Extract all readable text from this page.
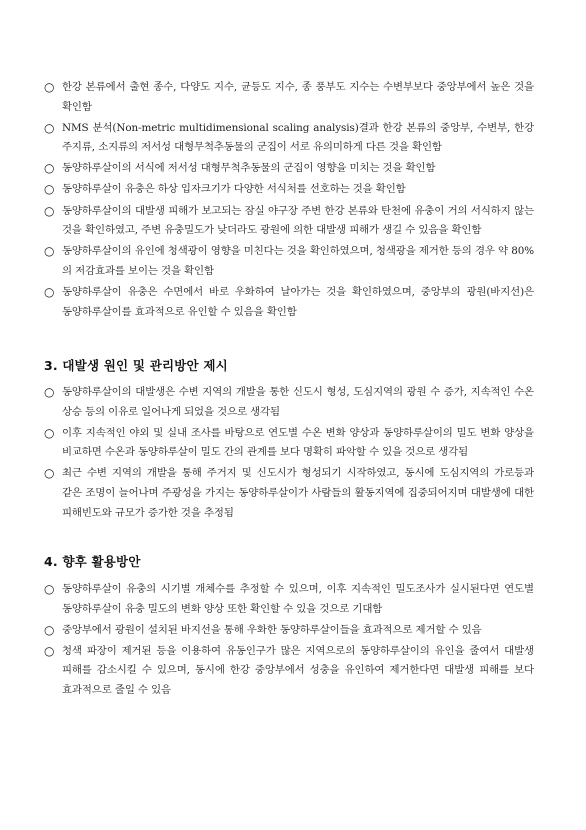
○ 한강 본류에서 출현 종수, 다양도 지수, 균등도 지수, 종 풍부도 지수는 수변부보다 중앙부에서 높은 것을 확인함

○ NMS 분석(Non-metric multidimensional scaling analysis)결과 한강 본류의 중앙부, 수변부, 한강 주지류, 소지류의 저서성 대형무척추동물의 군집이 서로 유의미하게 다른 것을 확인함

○ 동양하루살이의 서식에 저서성 대형무척추동물의 군집이 영향을 미치는 것을 확인함

○ 동양하루살이 유충은 하상 입자크기가 다양한 서식처를 선호하는 것을 확인함

○ 동양하루살이의 대발생 피해가 보고되는 잠실 야구장 주변 한강 본류와 탄천에 유충이 거의 서식하지 않는 것을 확인하였고, 주변 유충밀도가 낮더라도 광원에 의한 대발생 피해가 생길 수 있음을 확인함

○ 동양하루살이의 유인에 청색광이 영향을 미친다는 것을 확인하였으며, 청색광을 제거한 등의 경우 약 80%의 저감효과를 보이는 것을 확인함

○ 동양하루살이 유충은 수면에서 바로 우화하여 날아가는 것을 확인하였으며, 중앙부의 광원(바지선)은 동양하루살이를 효과적으로 유인할 수 있음을 확인함

3. 대발생 원인 및 관리방안 제시

○ 동양하루살이의 대발생은 수변 지역의 개발을 통한 신도시 형성, 도심지역의 광원 수 증가, 지속적인 수온 상승 등의 이유로 일어나게 되었을 것으로 생각됨

○ 이후 지속적인 야외 및 실내 조사를 바탕으로 연도별 수온 변화 양상과 동양하루살이의 밀도 변화 양상을 비교하면 수온과 동양하루살이 밀도 간의 관계를 보다 명확히 파악할 수 있을 것으로 생각됨

○ 최근 수변 지역의 개발을 통해 주거지 및 신도시가 형성되기 시작하였고, 동시에 도심지역의 가로등과 같은 조명이 늘어나며 주광성을 가지는 동양하루살이가 사람들의 활동지역에 집중되어지며 대발생에 대한 피해빈도와 규모가 증가한 것을 추정됨

4. 향후 활용방안

○ 동양하루살이 유충의 시기별 개체수를 추정할 수 있으며, 이후 지속적인 밀도조사가 실시된다면 연도별 동양하루살이 유충 밀도의 변화 양상 또한 확인할 수 있을 것으로 기대함

○ 중앙부에서 광원이 설치된 바지선을 통해 우화한 동양하루살이들을 효과적으로 제거할 수 있음

○ 청색 파장이 제거된 등을 이용하여 유동인구가 많은 지역으로의 동양하루살이의 유인을 줄여서 대발생 피해를 감소시킬 수 있으며, 동시에 한강 중앙부에서 성충을 유인하여 제거한다면 대발생 피해를 보다 효과적으로 줄일 수 있음
